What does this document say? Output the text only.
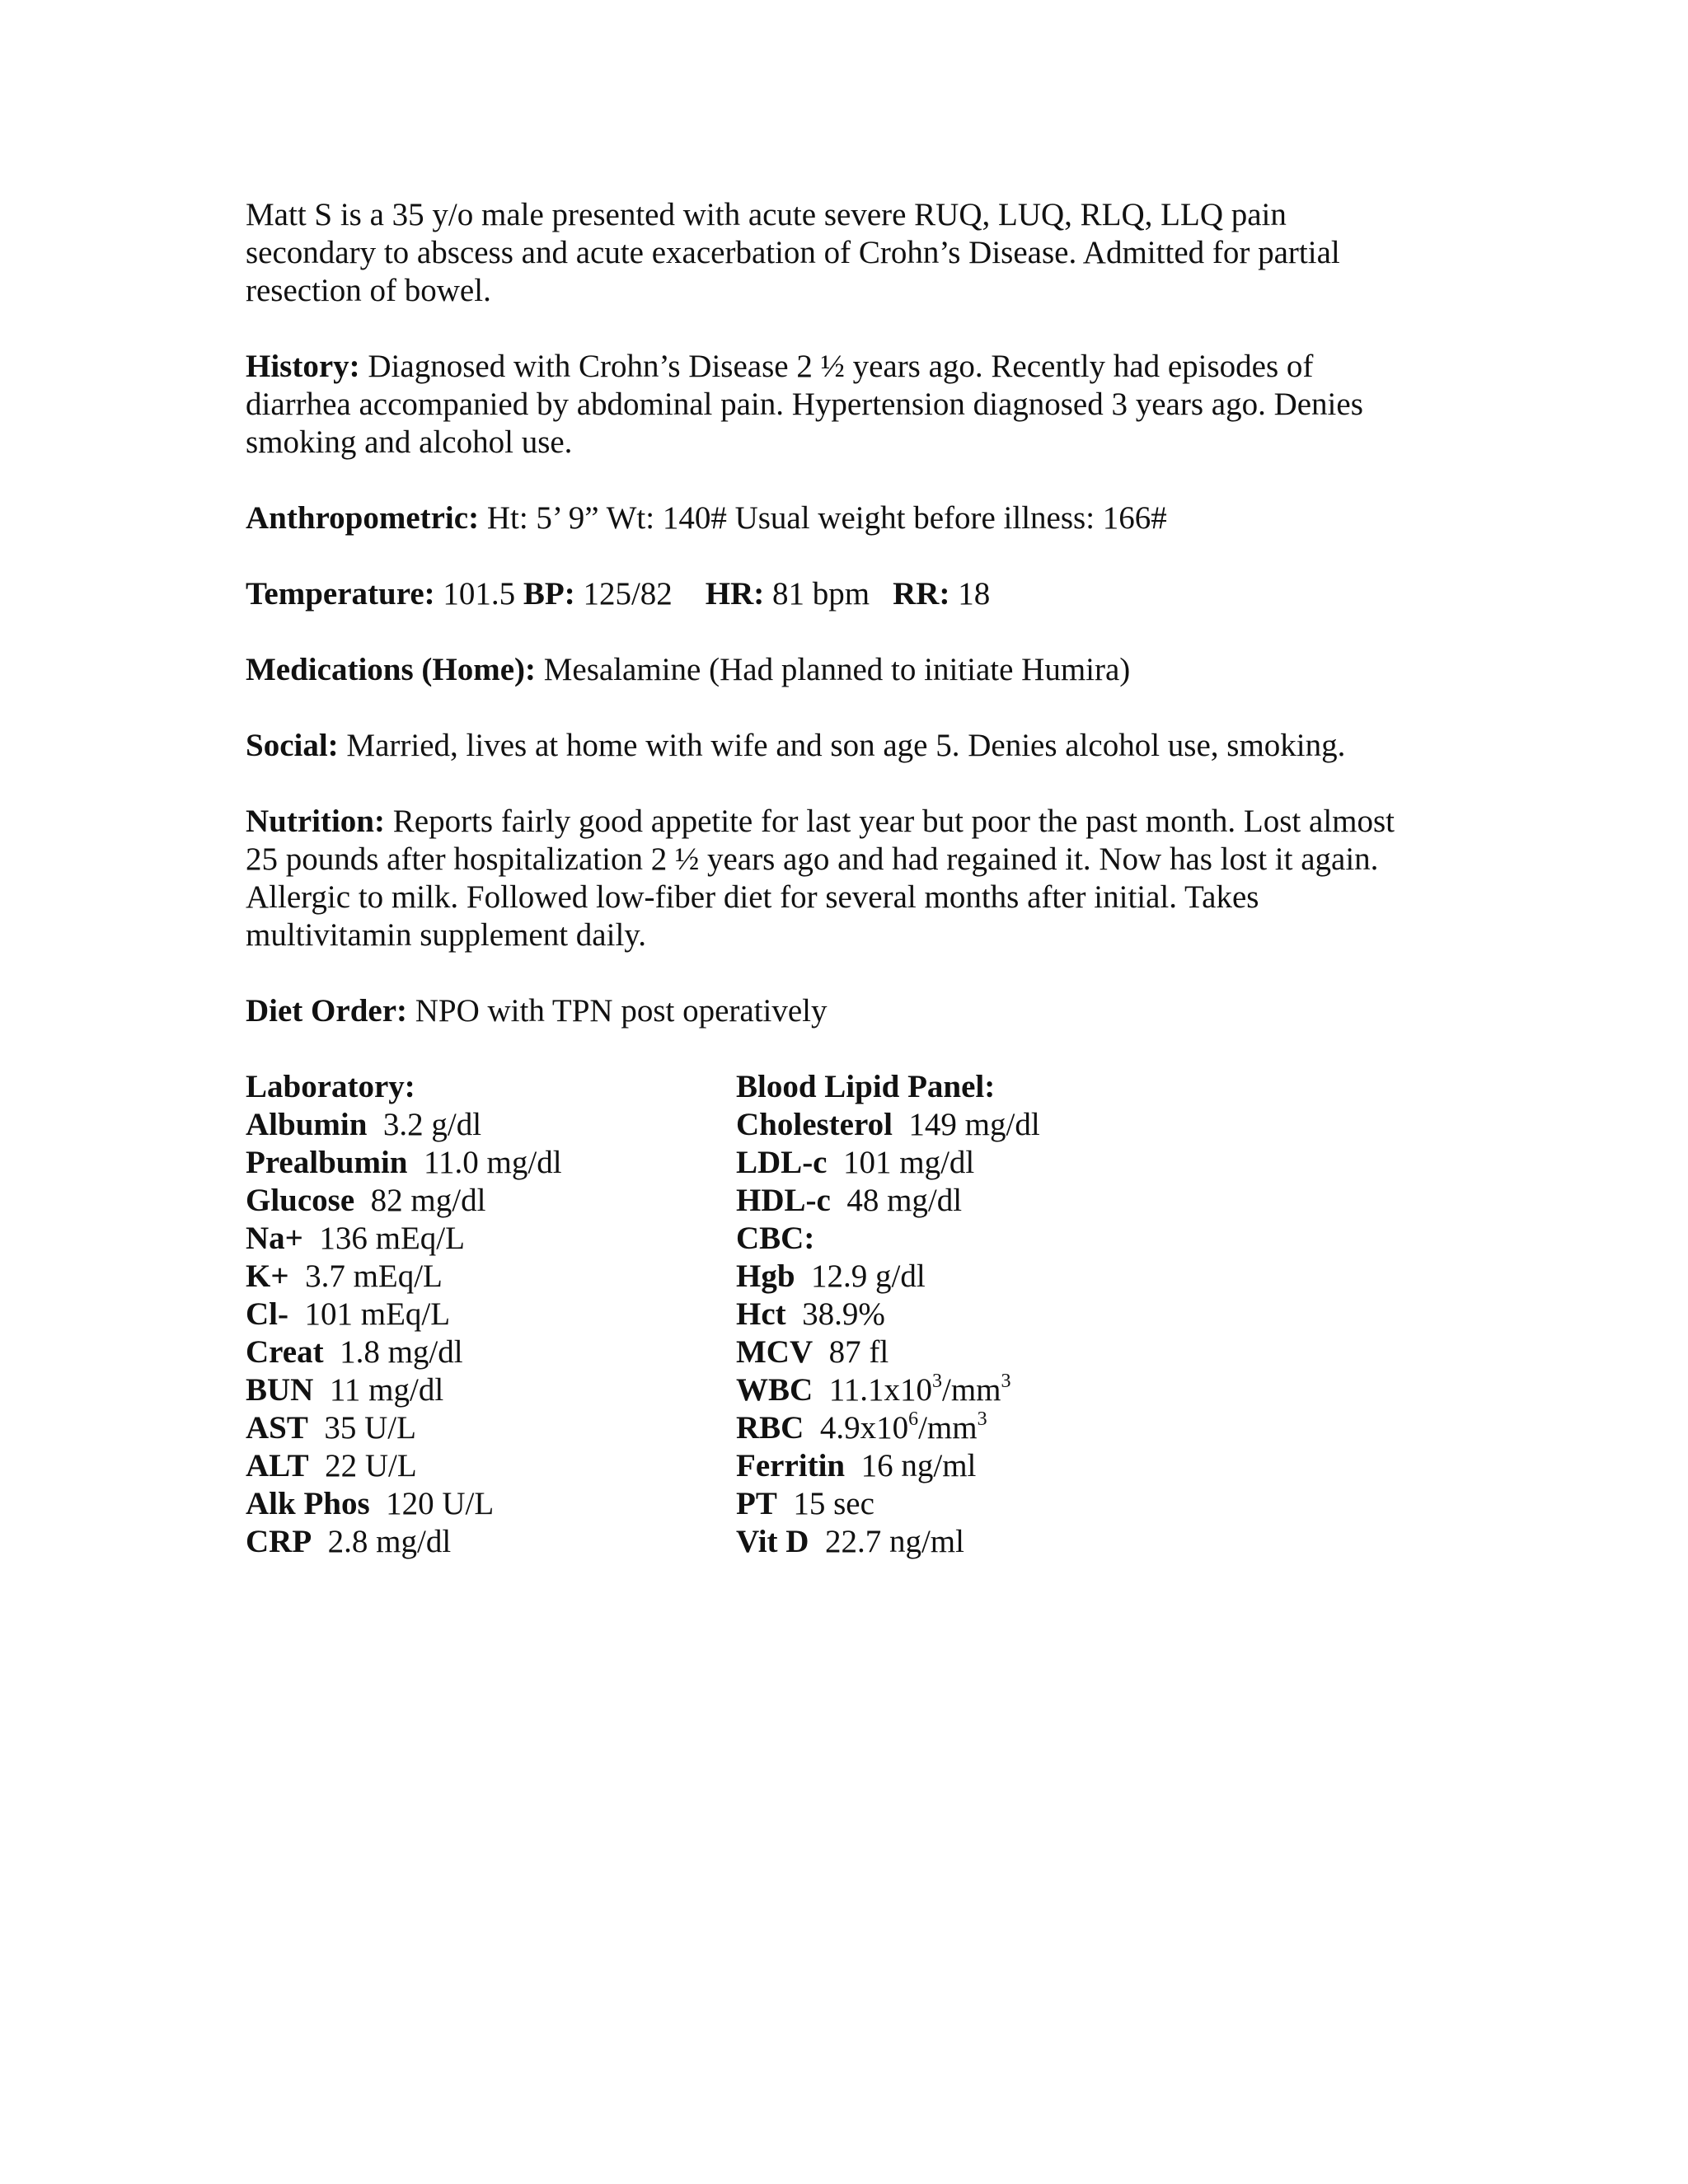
Matt S is a 35 y/o male presented with acute severe RUQ, LUQ, RLQ, LLQ pain
secondary to abscess and acute exacerbation of Crohn’s Disease. Admitted for partial
resection of bowel.
History: Diagnosed with Crohn’s Disease 2 ½ years ago. Recently had episodes of
diarrhea accompanied by abdominal pain. Hypertension diagnosed 3 years ago. Denies
smoking and alcohol use.
Anthropometric: Ht: 5’ 9” Wt: 140# Usual weight before illness: 166#
Temperature: 101.5 BP: 125/82 HR: 81 bpm RR: 18
Medications (Home): Mesalamine (Had planned to initiate Humira)
Social: Married, lives at home with wife and son age 5. Denies alcohol use, smoking.
Nutrition: Reports fairly good appetite for last year but poor the past month. Lost almost
25 pounds after hospitalization 2 ½ years ago and had regained it. Now has lost it again.
Allergic to milk. Followed low-fiber diet for several months after initial. Takes
multivitamin supplement daily.
Diet Order: NPO with TPN post operatively
Laboratory:
Albumin  3.2 g/dl
Prealbumin  11.0 mg/dl
Glucose  82 mg/dl
Na+  136 mEq/L
K+  3.7 mEq/L
Cl-  101 mEq/L
Creat  1.8 mg/dl
BUN  11 mg/dl
AST  35 U/L
ALT  22 U/L
Alk Phos  120 U/L
CRP  2.8 mg/dl
Blood Lipid Panel:
Cholesterol  149 mg/dl
LDL-c  101 mg/dl
HDL-c  48 mg/dl
CBC:
Hgb  12.9 g/dl
Hct  38.9%
MCV  87 fl
WBC  $11.1x10^3/mm^3$
RBC  $4.9x10^6/mm^3$
Ferritin  16 ng/ml
PT  15 sec
Vit D  22.7 ng/ml
